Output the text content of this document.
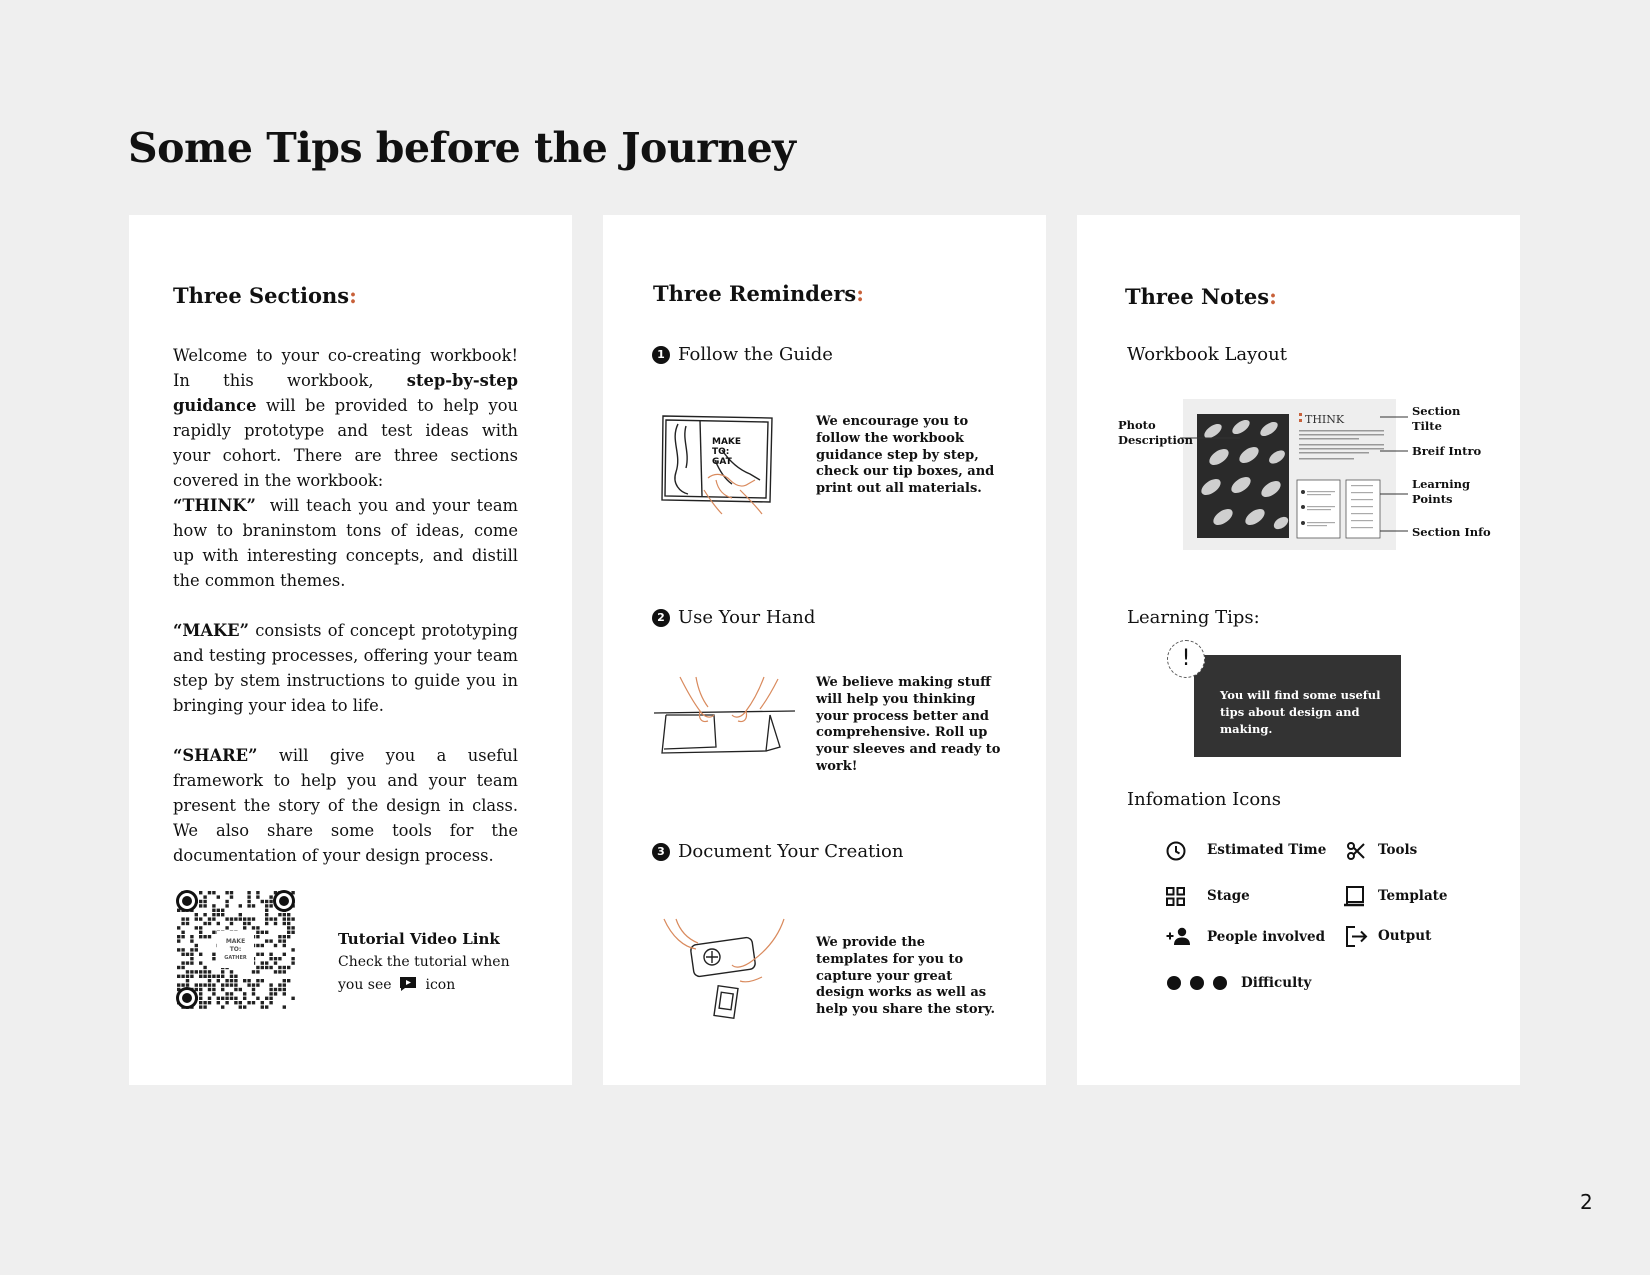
Some Tips before the Journey
Three Sections:

Welcome to your co-creating workbook! In this workbook, step-by-step guidance will be provided to help you rapidly prototype and test ideas with your cohort. There are three sections covered in the workbook:

“THINK”  will teach you and your team how to braninstom tons of ideas, come up with interesting concepts, and distill the common themes.

“MAKE” consists of concept prototyping and testing processes, offering your team step by stem instructions to guide you in bringing your idea to life.

“SHARE” will give you a useful framework to help you and your team present the story of the design in class. We also share some tools for the documentation of your design process.

MAKE
TO:
GATHER
Tutorial Video Link
Check the tutorial when
you see icon
Three Reminders:
1 Follow the Guide
MAKE
TO:
GAT
We encourage you to follow the workbook guidance step by step, check our tip boxes, and print out all materials.
2 Use Your Hand
We believe making stuff will help you thinking your process better and comprehensive. Roll up your sleeves and ready to work!
3 Document Your Creation
We provide the templates for you to capture your great design works as well as help you share the story.
Three Notes:
Workbook Layout
THINK
Photo
Description
Section
Tilte
Breif Intro
Learning
Points
Section Info
Learning Tips:
You will find some useful tips about design and making.
!
Infomation Icons
Estimated Time	Tools
Stage	Template
People involved	Output
Difficulty
2
